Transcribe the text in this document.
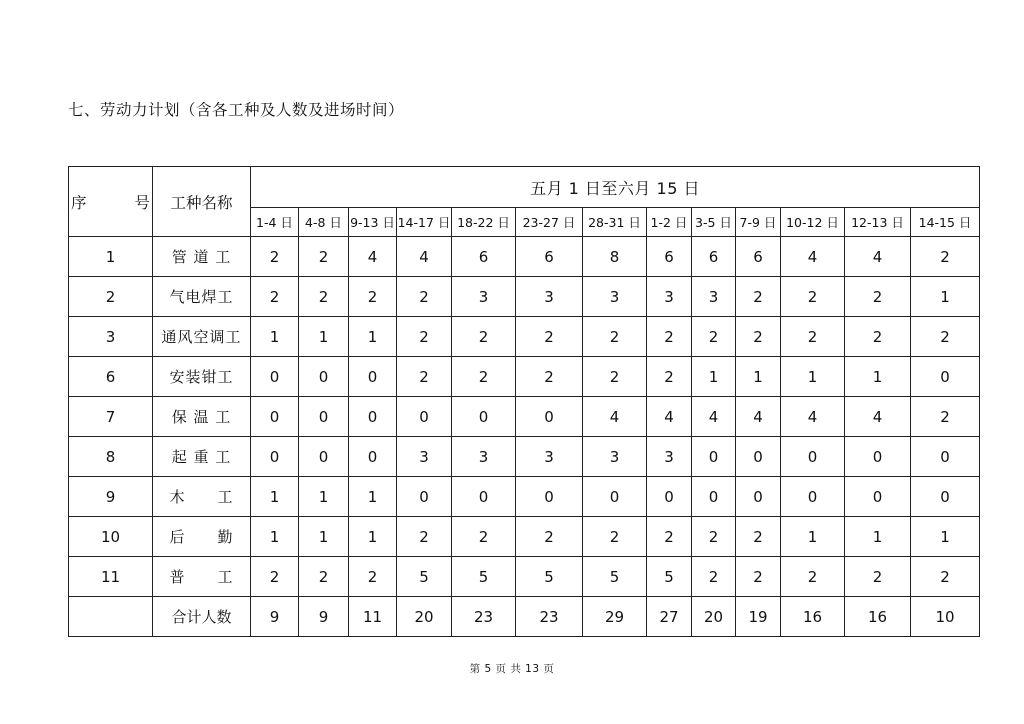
七、劳动力计划（含各工种及人数及进场时间）
序 号	工种名称	五月 1 日至六月 15 日												
		1-4 日	4-8 日	9-13 日	14-17 日	18-22 日	23-27 日	28-31 日	1-2 日	3-5 日	7-9 日	10-12 日	12-13 日	14-15 日
1	管 道 工	2	2	4	4	6	6	8	6	6	6	4	4	2
2	气电焊工	2	2	2	2	3	3	3	3	3	2	2	2	1
3	通风空调工	1	1	1	2	2	2	2	2	2	2	2	2	2
6	安装钳工	0	0	0	2	2	2	2	2	1	1	1	1	0
7	保 温 工	0	0	0	0	0	0	4	4	4	4	4	4	2
8	起 重 工	0	0	0	3	3	3	3	3	0	0	0	0	0
9	木　　工	1	1	1	0	0	0	0	0	0	0	0	0	0
10	后　　勤	1	1	1	2	2	2	2	2	2	2	1	1	1
11	普　　工	2	2	2	5	5	5	5	5	2	2	2	2	2
	合计人数	9	9	11	20	23	23	29	27	20	19	16	16	10
第 5 页 共 13 页
